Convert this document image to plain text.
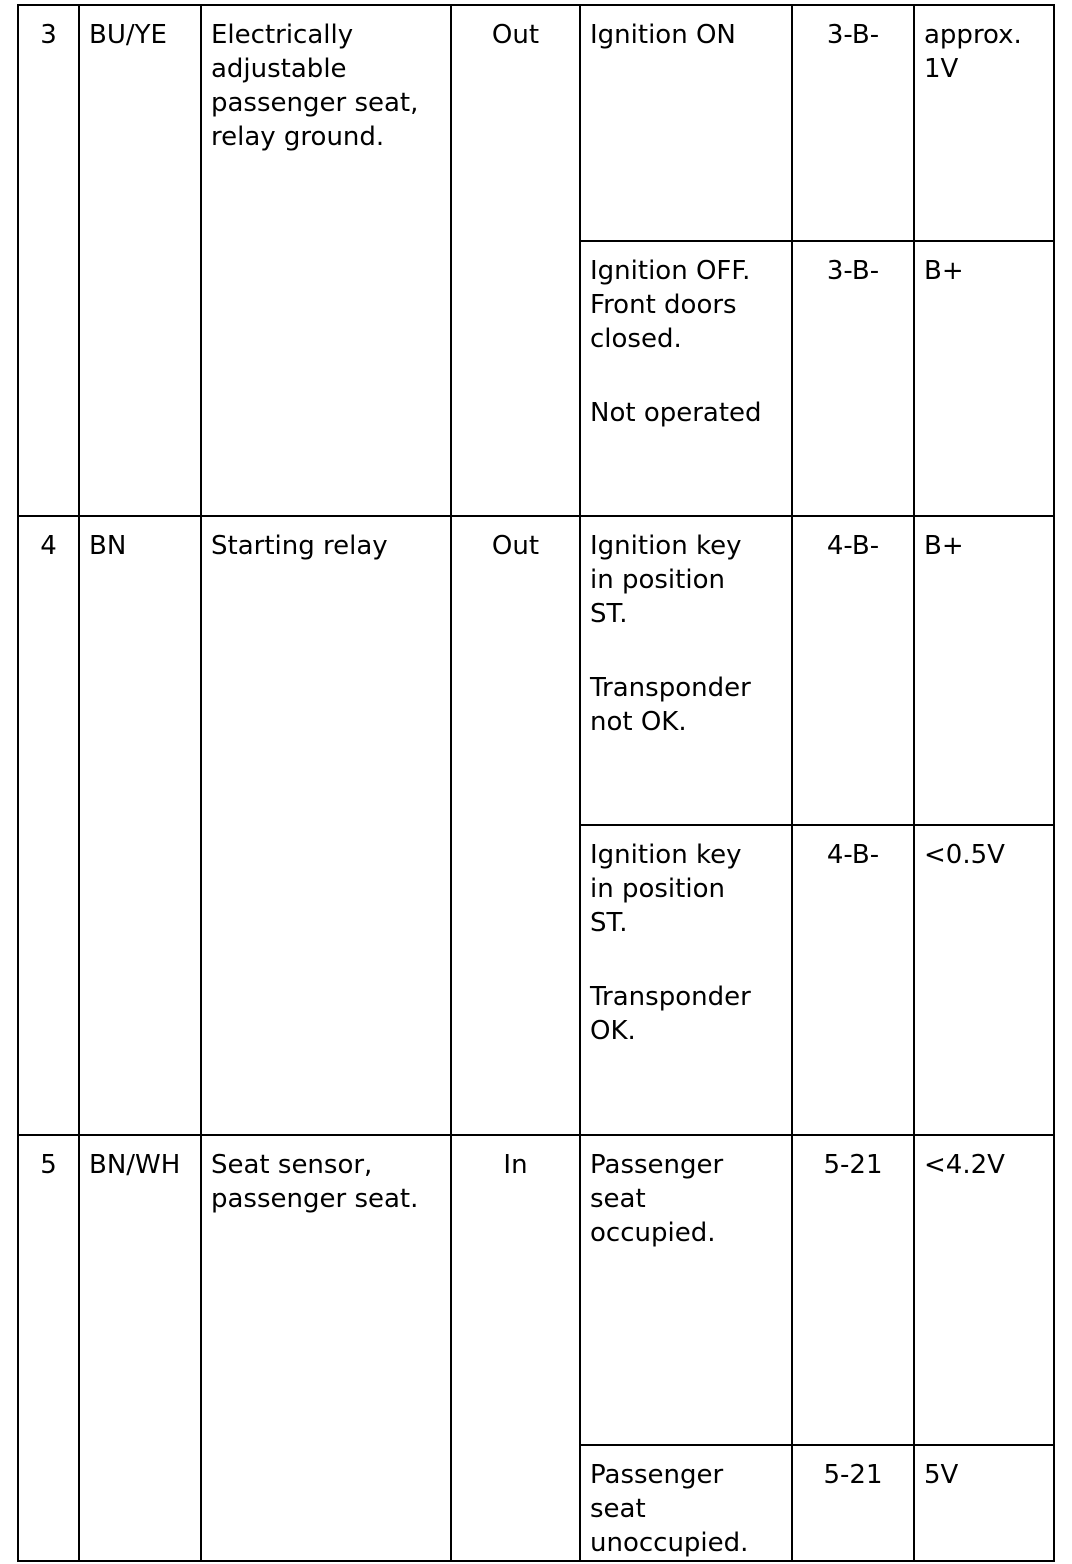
3	BU/YE	Electrically
adjustable
passenger seat,
relay ground.	Out	Ignition ON	3-B-	approx.
1V

				Ignition OFF.
Front doors
closed.
Not operated	3-B-	B+

4	BN	Starting relay	Out	Ignition key
in position
ST.
Transponder
not OK.	4-B-	B+

				Ignition key
in position
ST.
Transponder
OK.	4-B-	<0.5V

5	BN/WH	Seat sensor,
passenger seat.	In	Passenger
seat
occupied.	5-21	<4.2V

				Passenger
seat
unoccupied.	5-21	5V
